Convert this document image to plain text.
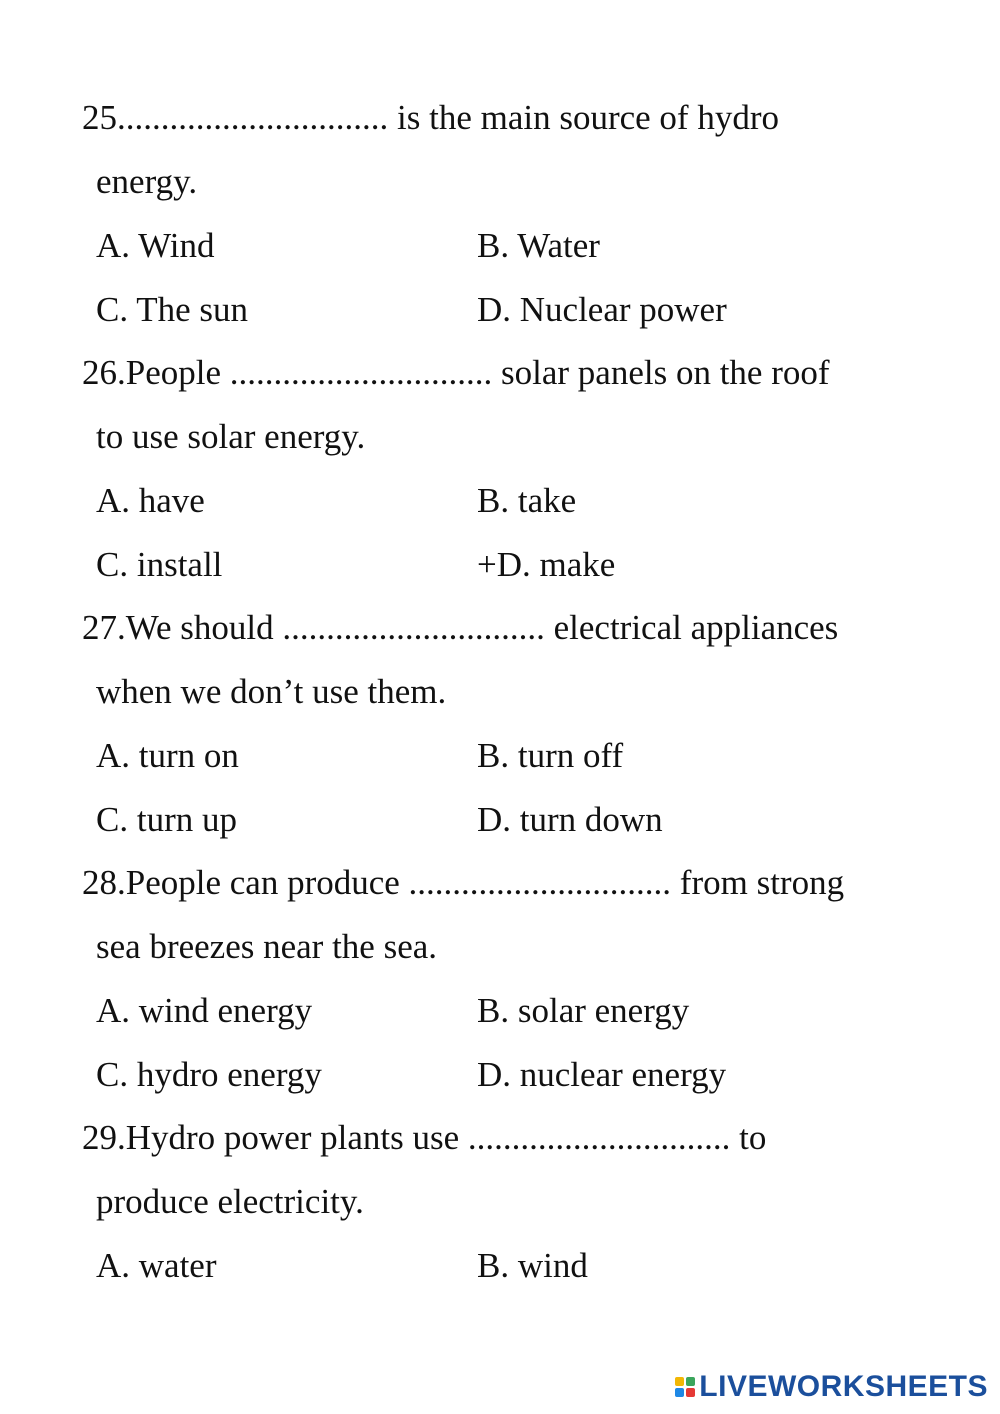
25............................... is the main source of hydro
energy.
A. Wind	B. Water
C. The sun	D. Nuclear power
26.People .............................. solar panels on the roof
to use solar energy.
A. have	B. take
C. install	+D. make
27.We should .............................. electrical appliances
when we don’t use them.
A. turn on	B. turn off
C. turn up	D. turn down
28.People can produce .............................. from strong
sea breezes near the sea.
A. wind energy	B. solar energy
C. hydro energy	D. nuclear energy
29.Hydro power plants use .............................. to
produce electricity.
A. water	B. wind
LIVEWORKSHEETS
